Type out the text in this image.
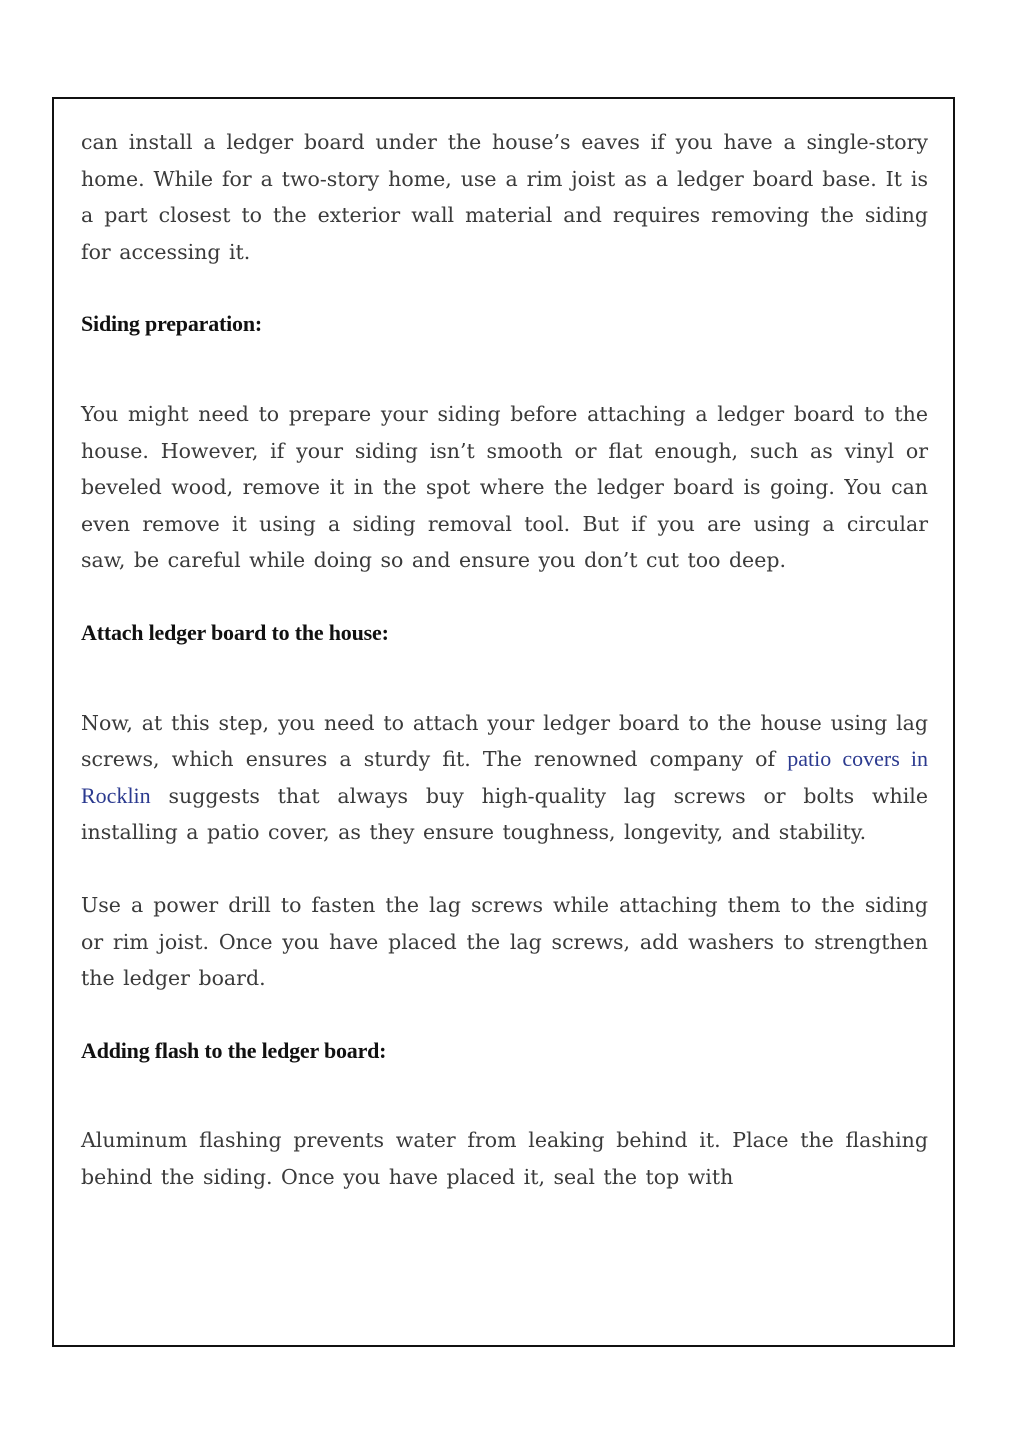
can install a ledger board under the house’s eaves if you have a single-story home. While for a two-story home, use a rim joist as a ledger board base. It is a part closest to the exterior wall material and requires removing the siding for accessing it.

Siding preparation:

You might need to prepare your siding before attaching a ledger board to the house. However, if your siding isn’t smooth or flat enough, such as vinyl or beveled wood, remove it in the spot where the ledger board is going. You can even remove it using a siding removal tool. But if you are using a circular saw, be careful while doing so and ensure you don’t cut too deep.

Attach ledger board to the house:

Now, at this step, you need to attach your ledger board to the house using lag screws, which ensures a sturdy fit. The renowned company of patio covers in Rocklin suggests that always buy high-quality lag screws or bolts while installing a patio cover, as they ensure toughness, longevity, and stability.

Use a power drill to fasten the lag screws while attaching them to the siding or rim joist. Once you have placed the lag screws, add washers to strengthen the ledger board.

Adding flash to the ledger board:

Aluminum flashing prevents water from leaking behind it. Place the flashing behind the siding. Once you have placed it, seal the top with
